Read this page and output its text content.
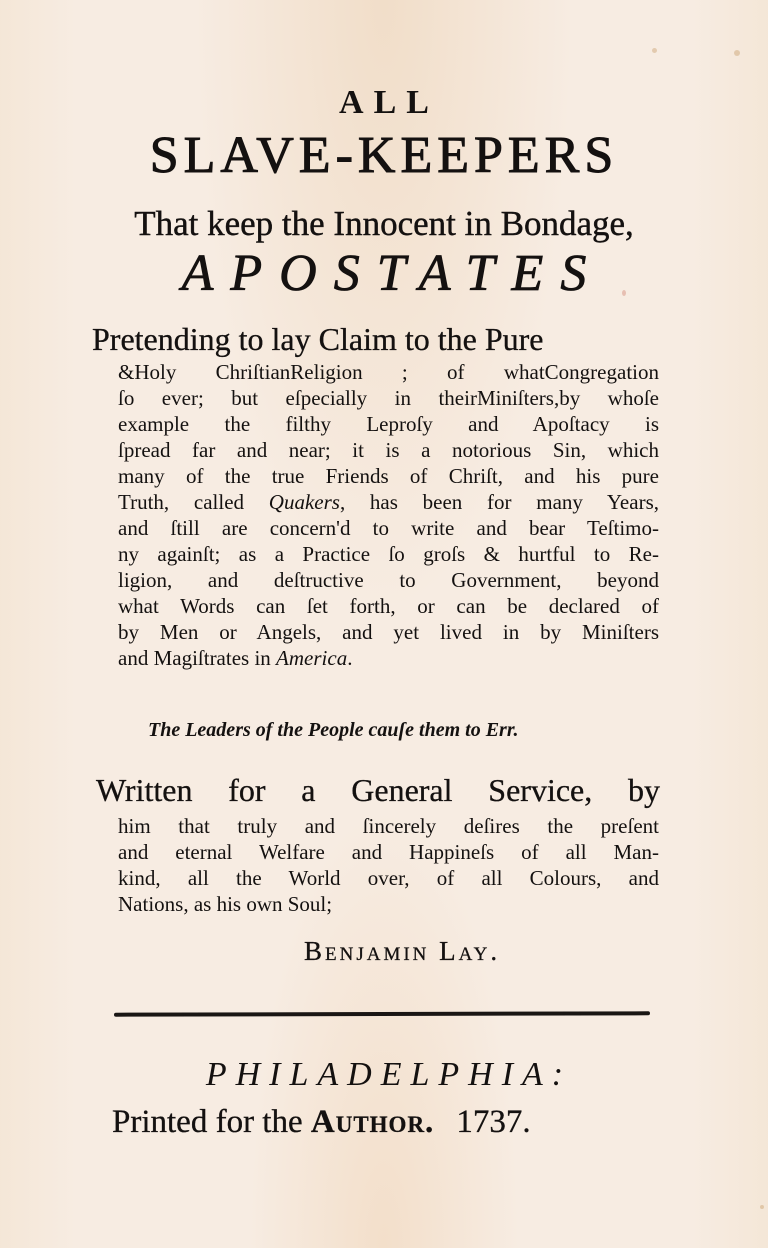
ALL
SLAVE-KEEPERS
That keep the Innocent in Bondage,
APOSTATES
Pretending to lay Claim to the Pure
&Holy ChriſtianReligion ; of whatCongregation
ſo ever; but eſpecially in theirMiniſters,by whoſe
example the filthy Leproſy and Apoſtacy is
ſpread far and near; it is a notorious Sin, which
many of the true Friends of Chriſt, and his pure
Truth, called Quakers, has been for many Years,
and ſtill are concern'd to write and bear Teſtimo-
ny againſt; as a Practice ſo groſs & hurtful to Re-
ligion, and deſtructive to Government, beyond
what Words can ſet forth, or can be declared of
by Men or Angels, and yet lived in by Miniſters
and Magiſtrates in America.
The Leaders of the People cauſe them to Err.
Written for a General Service, by
him that truly and ſincerely deſires the preſent
and eternal Welfare and Happineſs of all Man-
kind, all the World over, of all Colours, and
Nations, as his own Soul;
Benjamin Lay.
PHILADELPHIA:
Printed for the Author. 1737.
